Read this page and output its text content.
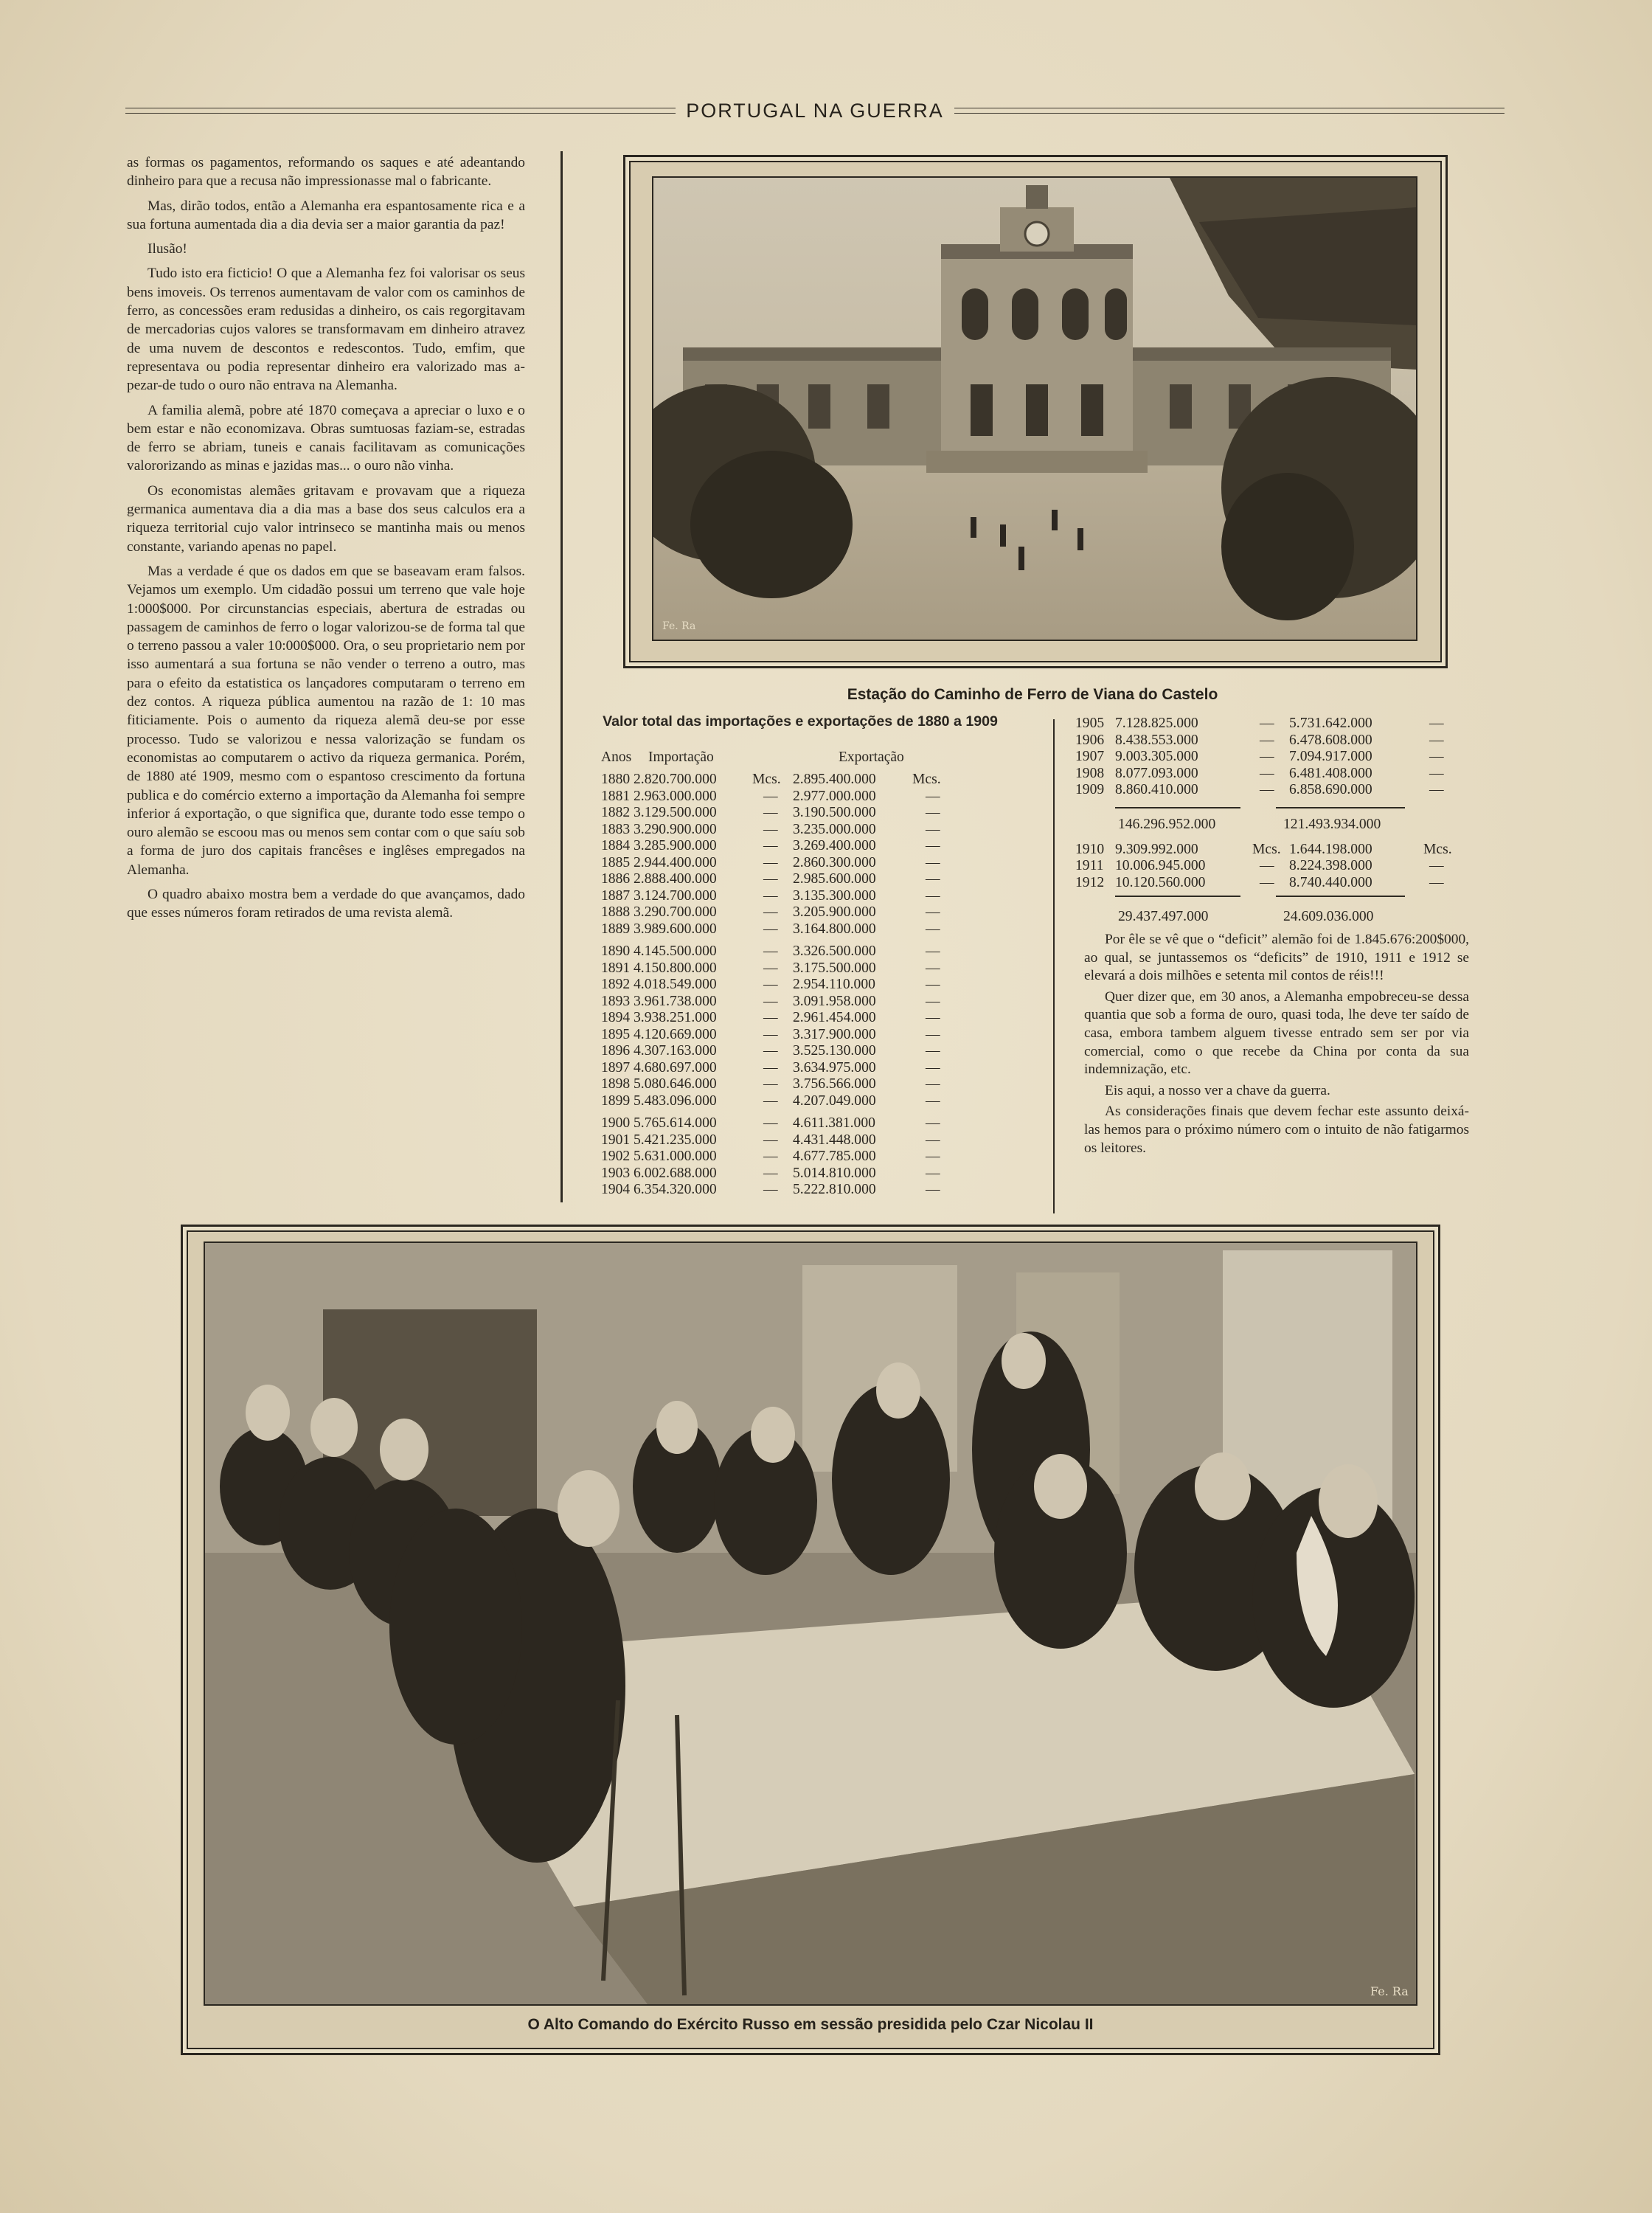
PORTUGAL NA GUERRA

as formas os pagamentos, reformando os saques e até adeantando dinheiro para que a recusa não impressionasse mal o fabricante.

Mas, dirão todos, então a Alemanha era espantosamente rica e a sua fortuna aumentada dia a dia devia ser a maior garantia da paz!

Ilusão!

Tudo isto era ficticio! O que a Alemanha fez foi valorisar os seus bens imoveis. Os terrenos aumentavam de valor com os caminhos de ferro, as concessões eram redusidas a dinheiro, os cais regorgitavam de mercadorias cujos valores se transformavam em dinheiro atravez de uma nuvem de descontos e redescontos. Tudo, emfim, que representava ou podia representar dinheiro era valorizado mas a-pezar-de tudo o ouro não entrava na Alemanha.

A familia alemã, pobre até 1870 começava a apreciar o luxo e o bem estar e não economizava. Obras sumtuosas faziam-se, estradas de ferro se abriam, tuneis e canais facilitavam as comunicações valororizando as minas e jazidas mas... o ouro não vinha.

Os economistas alemães gritavam e provavam que a riqueza germanica aumentava dia a dia mas a base dos seus calculos era a riqueza territorial cujo valor intrinseco se mantinha mais ou menos constante, variando apenas no papel.

Mas a verdade é que os dados em que se baseavam eram falsos. Vejamos um exemplo. Um cidadão possui um terreno que vale hoje 1:000$000. Por circunstancias especiais, abertura de estradas ou passagem de caminhos de ferro o logar valorizou-se de forma tal que o terreno passou a valer 10:000$000. Ora, o seu proprietario nem por isso aumentará a sua fortuna se não vender o terreno a outro, mas para o efeito da estatistica os lançadores computaram o terreno em dez contos. A riqueza pública aumentou na razão de 1: 10 mas fiticiamente. Pois o aumento da riqueza alemã deu-se por esse processo. Tudo se valorizou e nessa valorização se fundam os economistas ao computarem o activo da riqueza germanica. Porém, de 1880 até 1909, mesmo com o espantoso crescimento da fortuna publica e do comércio externo a importação da Alemanha foi sempre inferior á exportação, o que significa que, durante todo esse tempo o ouro alemão se escoou mas ou menos sem contar com o que saíu sob a forma de juro dos capitais francêses e inglêses empregados na Alemanha.

O quadro abaixo mostra bem a verdade do que avançamos, dado que esses números foram retirados de uma revista alemã.

Fe. Ra
Estação do Caminho de Ferro de Viana do Castelo
Valor total das importações e exportações de 1880 a 1909
Anos Importação	Exportação
1880 2.820.700.000 Mcs. 2.895.400.000	Mcs.
1881 2.963.000.000	— 2.977.000.000	—
1882 3.129.500.000	— 3.190.500.000	—
1883 3.290.900.000	— 3.235.000.000	—
1884 3.285.900.000	— 3.269.400.000	—
1885 2.944.400.000	— 2.860.300.000	—
1886 2.888.400.000	— 2.985.600.000	—
1887 3.124.700.000	— 3.135.300.000	—
1888 3.290.700.000	— 3.205.900.000	—
1889 3.989.600.000	— 3.164.800.000	—
1890 4.145.500.000	— 3.326.500.000	—
1891 4.150.800.000	— 3.175.500.000	—
1892 4.018.549.000	— 2.954.110.000	—
1893 3.961.738.000	— 3.091.958.000	—
1894 3.938.251.000	— 2.961.454.000	—
1895 4.120.669.000	— 3.317.900.000	—
1896 4.307.163.000	— 3.525.130.000	—
1897 4.680.697.000	— 3.634.975.000	—
1898 5.080.646.000	— 3.756.566.000	—
1899 5.483.096.000	— 4.207.049.000	—
1900 5.765.614.000	— 4.611.381.000	—
1901 5.421.235.000	— 4.431.448.000	—
1902 5.631.000.000	— 4.677.785.000	—
1903 6.002.688.000	— 5.014.810.000	—
1904 6.354.320.000	— 5.222.810.000	—
1905 7.128.825.000	— 5.731.642.000	—
1906 8.438.553.000	— 6.478.608.000	—
1907 9.003.305.000	— 7.094.917.000	—
1908 8.077.093.000	— 6.481.408.000	—
1909 8.860.410.000	— 6.858.690.000	—
146.296.952.000	121.493.934.000
1910 9.309.992.000	Mcs. 1.644.198.000	Mcs.
1911 10.006.945.000	— 8.224.398.000	—
1912 10.120.560.000	— 8.740.440.000	—
29.437.497.000	24.609.036.000

Por êle se vê que o “deficit” alemão foi de 1.845.676:200$000, ao qual, se juntassemos os “deficits” de 1910, 1911 e 1912 se elevará a dois milhões e setenta mil contos de réis!!!

Quer dizer que, em 30 anos, a Alemanha empobreceu-se dessa quantia que sob a forma de ouro, quasi toda, lhe deve ter saído de casa, embora tambem alguem tivesse entrado sem ser por via comercial, como o que recebe da China por conta da sua indemnização, etc.

Eis aqui, a nosso ver a chave da guerra.

As considerações finais que devem fechar este assunto deixá-las hemos para o próximo número com o intuito de não fatigarmos os leitores.

Fe. Ra
O Alto Comando do Exército Russo em sessão presidida pelo Czar Nicolau II
